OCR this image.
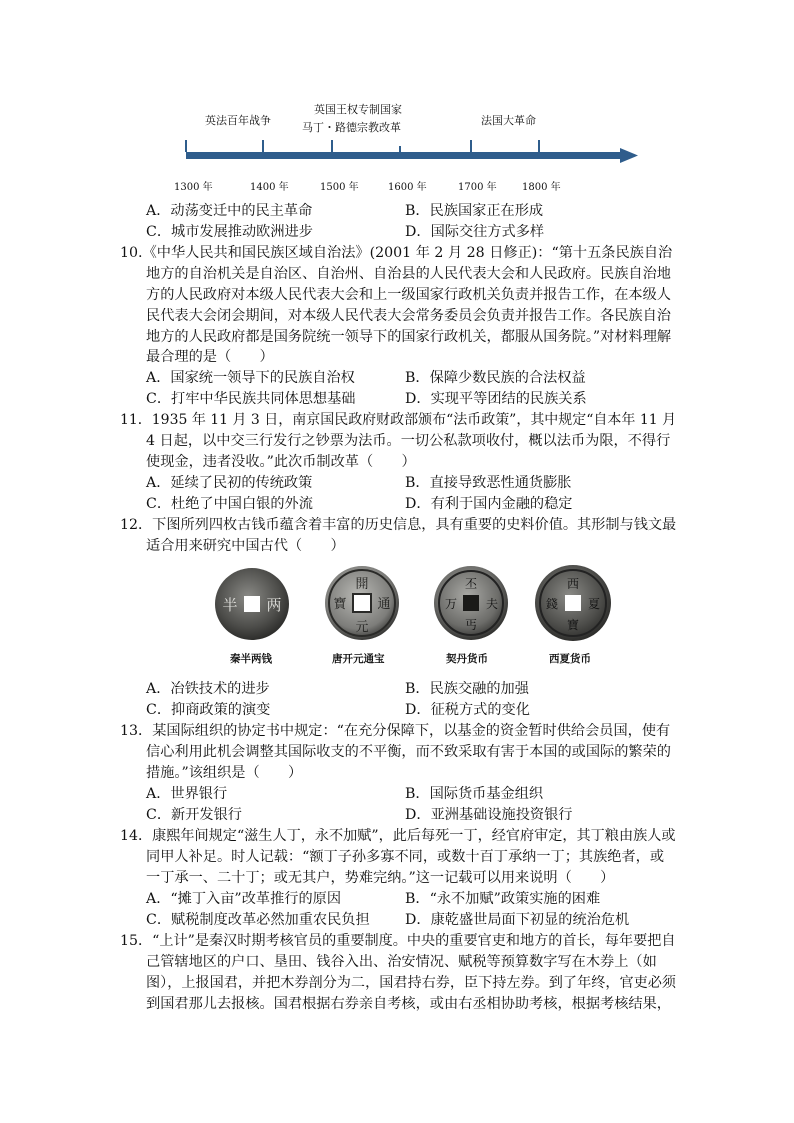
英法百年战争
英国王权专制国家
马丁・路德宗教改革
法国大革命
1300 年	1400 年	1500 年	1600 年	1700 年	1800 年
A．动荡变迁中的民主革命	B．民族国家正在形成
C．城市发展推动欧洲进步	D．国际交往方式多样
10.《中华人民共和国民族区域自治法》(2001 年 2 月 28 日修正)：“第十五条民族自治
地方的自治机关是自治区、自治州、自治县的人民代表大会和人民政府。民族自治地
方的人民政府对本级人民代表大会和上一级国家行政机关负责并报告工作，在本级人
民代表大会闭会期间，对本级人民代表大会常务委员会负责并报告工作。各民族自治
地方的人民政府都是国务院统一领导下的国家行政机关，都服从国务院。”对材料理解
最合理的是（　　）
A．国家统一领导下的民族自治权	B．保障少数民族的合法权益
C．打牢中华民族共同体思想基础	D．实现平等团结的民族关系
11．1935 年 11 月 3 日，南京国民政府财政部颁布“法币政策”，其中规定“自本年 11 月
4 日起，以中交三行发行之钞票为法币。一切公私款项收付，概以法币为限，不得行
使现金，违者没收。”此次币制改革（　　）
A．延续了民初的传统政策	B．直接导致恶性通货膨胀
C．杜绝了中国白银的外流	D．有利于国内金融的稳定
12．下图所列四枚古钱币蕴含着丰富的历史信息，具有重要的史料价值。其形制与钱文最
适合用来研究中国古代（　　）
半 两
開
元
通
寶
丕
夫
万
丐
西
夏
錢
寶
秦半两钱	唐开元通宝	契丹货币	西夏货币
A．冶铁技术的进步	B．民族交融的加强
C．抑商政策的演变	D．征税方式的变化
13．某国际组织的协定书中规定：“在充分保障下，以基金的资金暂时供给会员国，使有
信心利用此机会调整其国际收支的不平衡，而不致采取有害于本国的或国际的繁荣的
措施。”该组织是（　　）
A．世界银行	B．国际货币基金组织
C．新开发银行	D．亚洲基础设施投资银行
14．康熙年间规定“滋生人丁，永不加赋”，此后每死一丁，经官府审定，其丁粮由族人或
同甲人补足。时人记载：“额丁子孙多寡不同，或数十百丁承纳一丁；其族绝者，或
一丁承一、二十丁；或无其户，势难完纳。”这一记载可以用来说明（　　）
A．“摊丁入亩”改革推行的原因	B．“永不加赋”政策实施的困难
C．赋税制度改革必然加重农民负担 D．康乾盛世局面下初显的统治危机
15．“上计”是秦汉时期考核官员的重要制度。中央的重要官吏和地方的首长，每年要把自
己管辖地区的户口、垦田、钱谷入出、治安情况、赋税等预算数字写在木券上（如
图），上报国君，并把木券剖分为二，国君持右券，臣下持左券。到了年终，官吏必须
到国君那儿去报核。国君根据右券亲自考核，或由右丞相协助考核，根据考核结果，
